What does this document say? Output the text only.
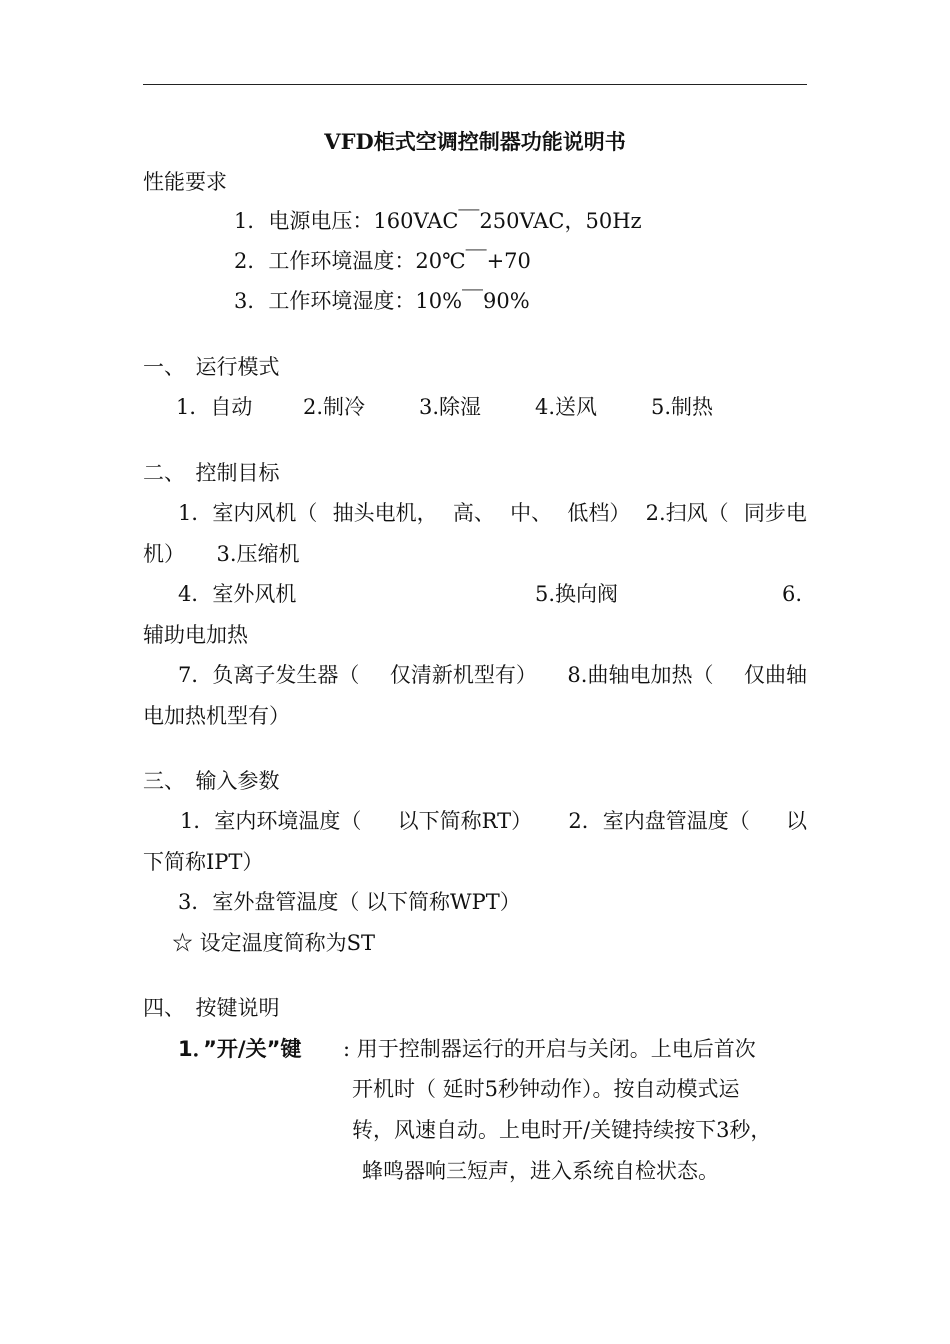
VFD柜式空调控制器功能说明书
性能要求
1．电源电压：160VAC￣250VAC，50Hz
2．工作环境温度：20℃￣+70
3．工作环境湿度：10%￣90%
一、　运行模式
1．自动 2.制冷	3.除湿	4.送风	5.制热
二、　控制目标
1．室内风机（ 抽头电机， 高、 中、 低档） 2.扫风（ 同步电
机）　　3.压缩机
4．室外风机	5.换向阀	6.
辅助电加热
7．负离子发生器（ 仅清新机型有） 8.曲轴电加热（ 仅曲轴
电加热机型有）
三、　输入参数
1．室内环境温度（ 以下简称RT） 2．室内盘管温度（ 以
下简称IPT）
3．室外盘管温度（ 以下简称WPT）
☆ 设定温度简称为ST
四、　按键说明
1．”开/关”键 : 用于控制器运行的开启与关闭。上电后首次
开机时（ 延时5秒钟动作）。按自动模式运
转，风速自动。上电时开/关键持续按下3秒，
蜂鸣器响三短声，进入系统自检状态。
